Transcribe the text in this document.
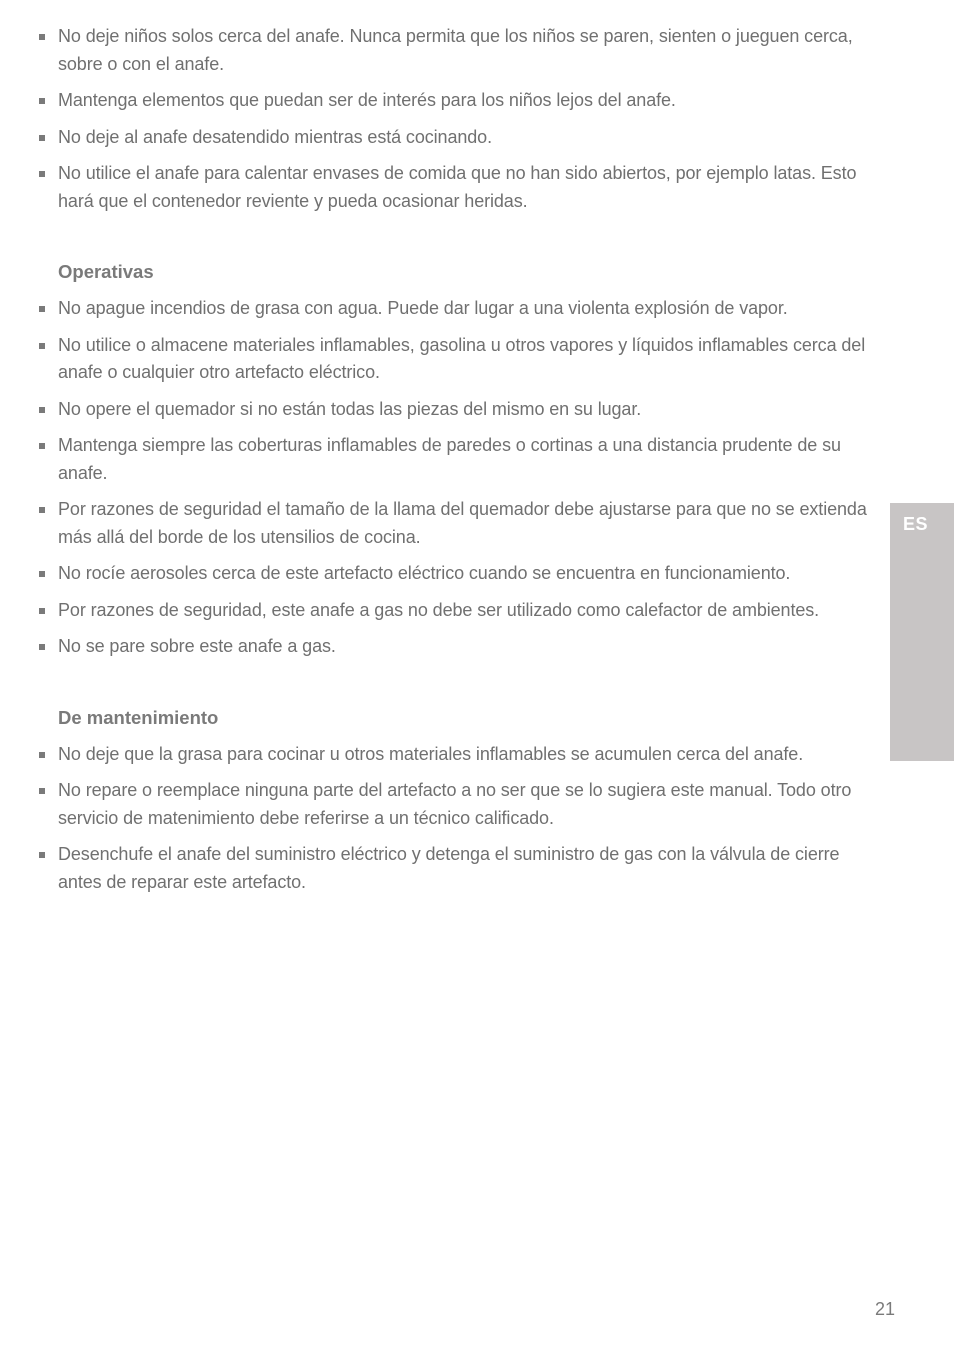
No deje niños solos cerca del anafe. Nunca permita que los niños se paren, sienten o jueguen cerca, sobre o con el anafe.
Mantenga elementos que puedan ser de interés para los niños lejos del anafe.
No deje al anafe desatendido mientras está cocinando.
No utilice el anafe para calentar envases de comida que no han sido abiertos, por ejemplo latas. Esto hará que el contenedor reviente y pueda ocasionar heridas.
Operativas
No apague incendios de grasa con agua. Puede dar lugar a una violenta explosión de vapor.
No utilice o almacene materiales inflamables, gasolina u otros vapores y líquidos inflamables cerca del anafe o cualquier otro artefacto eléctrico.
No opere el quemador si no están todas las piezas del mismo en su lugar.
Mantenga siempre las coberturas inflamables de paredes o cortinas a una distancia prudente de su anafe.
Por razones de seguridad el tamaño de la llama del quemador debe ajustarse para que no se extienda más allá del borde de los utensilios de cocina.
No rocíe aerosoles cerca de este artefacto eléctrico cuando se encuentra en funcionamiento.
Por razones de seguridad, este anafe a gas no debe ser utilizado como calefactor de ambientes.
No se pare sobre este anafe a gas.
De mantenimiento
No deje que la grasa para cocinar u otros materiales inflamables se acumulen cerca del anafe.
No repare o reemplace ninguna parte del artefacto a no ser que se lo sugiera este manual. Todo otro servicio de matenimiento debe referirse a un técnico calificado.
Desenchufe el anafe del suministro eléctrico y detenga el suministro de gas con la válvula de cierre antes de reparar este artefacto.
ES
21
